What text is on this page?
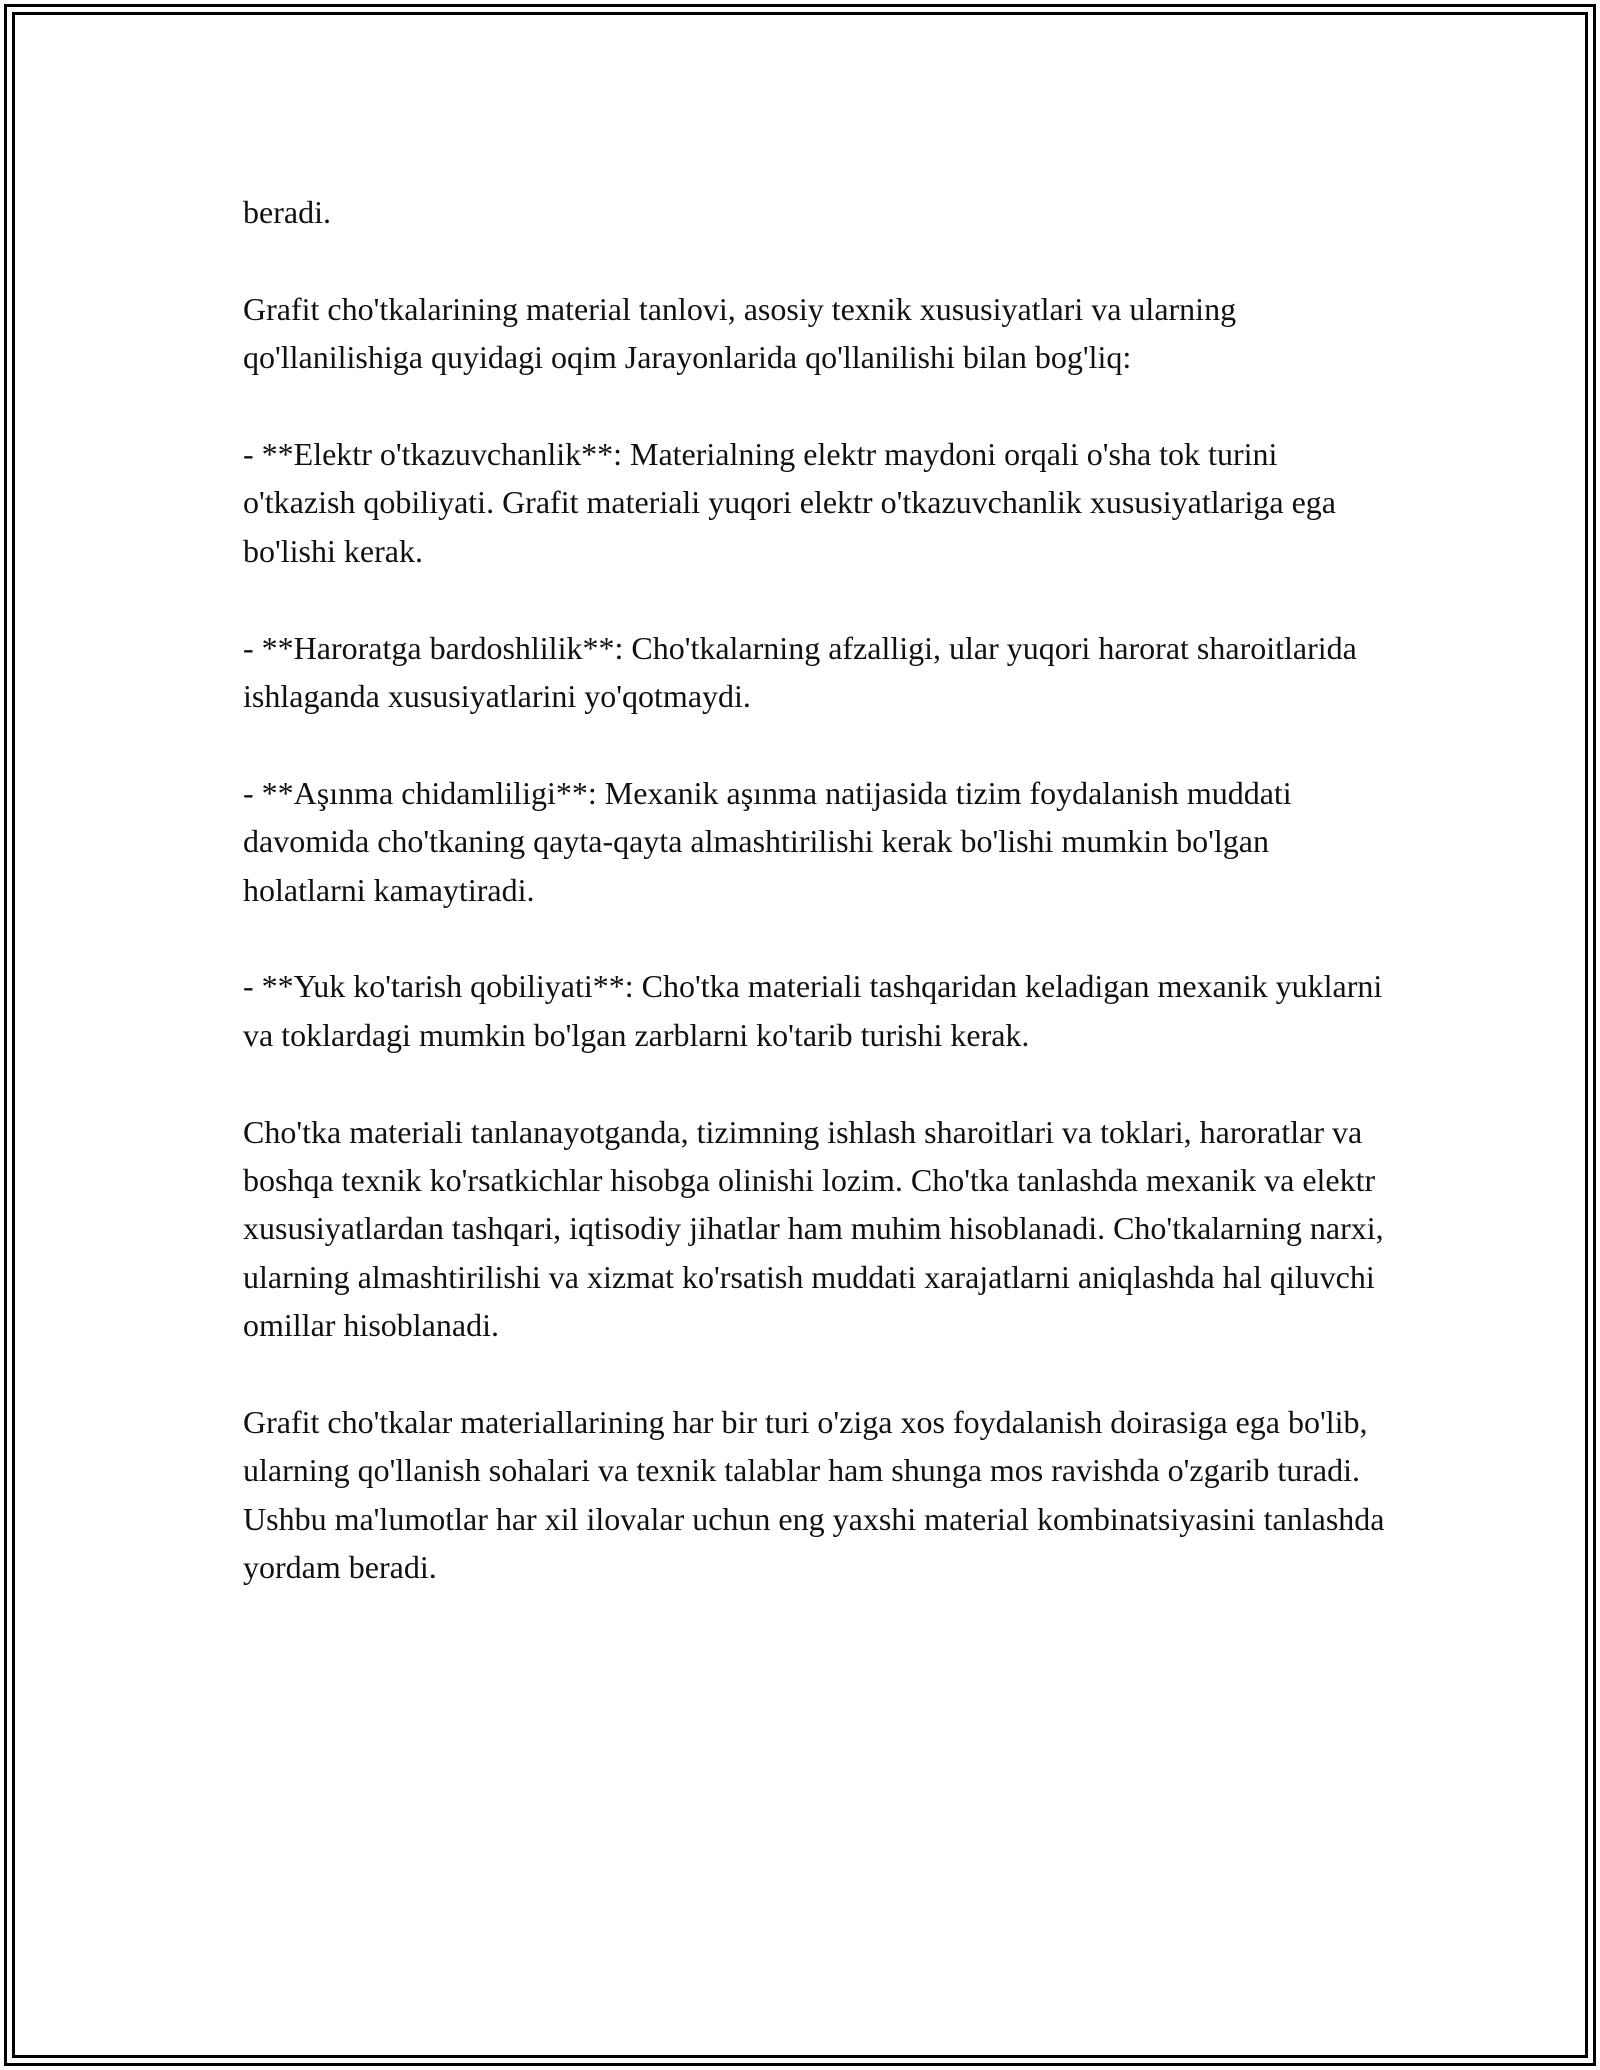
beradi.

Grafit cho'tkalarining material tanlovi, asosiy texnik xususiyatlari va ularning qo'llanilishiga quyidagi oqim Jarayonlarida qo'llanilishi bilan bog'liq:

- **Elektr o'tkazuvchanlik**: Materialning elektr maydoni orqali o'sha tok turini o'tkazish qobiliyati. Grafit materiali yuqori elektr o'tkazuvchanlik xususiyatlariga ega bo'lishi kerak.

- **Haroratga bardoshlilik**: Cho'tkalarning afzalligi, ular yuqori harorat sharoitlarida ishlaganda xususiyatlarini yo'qotmaydi.

- **Aşınma chidamliligi**: Mexanik aşınma natijasida tizim foydalanish muddati davomida cho'tkaning qayta-qayta almashtirilishi kerak bo'lishi mumkin bo'lgan holatlarni kamaytiradi.

- **Yuk ko'tarish qobiliyati**: Cho'tka materiali tashqaridan keladigan mexanik yuklarni va toklardagi mumkin bo'lgan zarblarni ko'tarib turishi kerak.

Cho'tka materiali tanlanayotganda, tizimning ishlash sharoitlari va toklari, haroratlar va boshqa texnik ko'rsatkichlar hisobga olinishi lozim. Cho'tka tanlashda mexanik va elektr xususiyatlardan tashqari, iqtisodiy jihatlar ham muhim hisoblanadi. Cho'tkalarning narxi, ularning almashtirilishi va xizmat ko'rsatish muddati xarajatlarni aniqlashda hal qiluvchi omillar hisoblanadi.

Grafit cho'tkalar materiallarining har bir turi o'ziga xos foydalanish doirasiga ega bo'lib, ularning qo'llanish sohalari va texnik talablar ham shunga mos ravishda o'zgarib turadi. Ushbu ma'lumotlar har xil ilovalar uchun eng yaxshi material kombinatsiyasini tanlashda yordam beradi.
